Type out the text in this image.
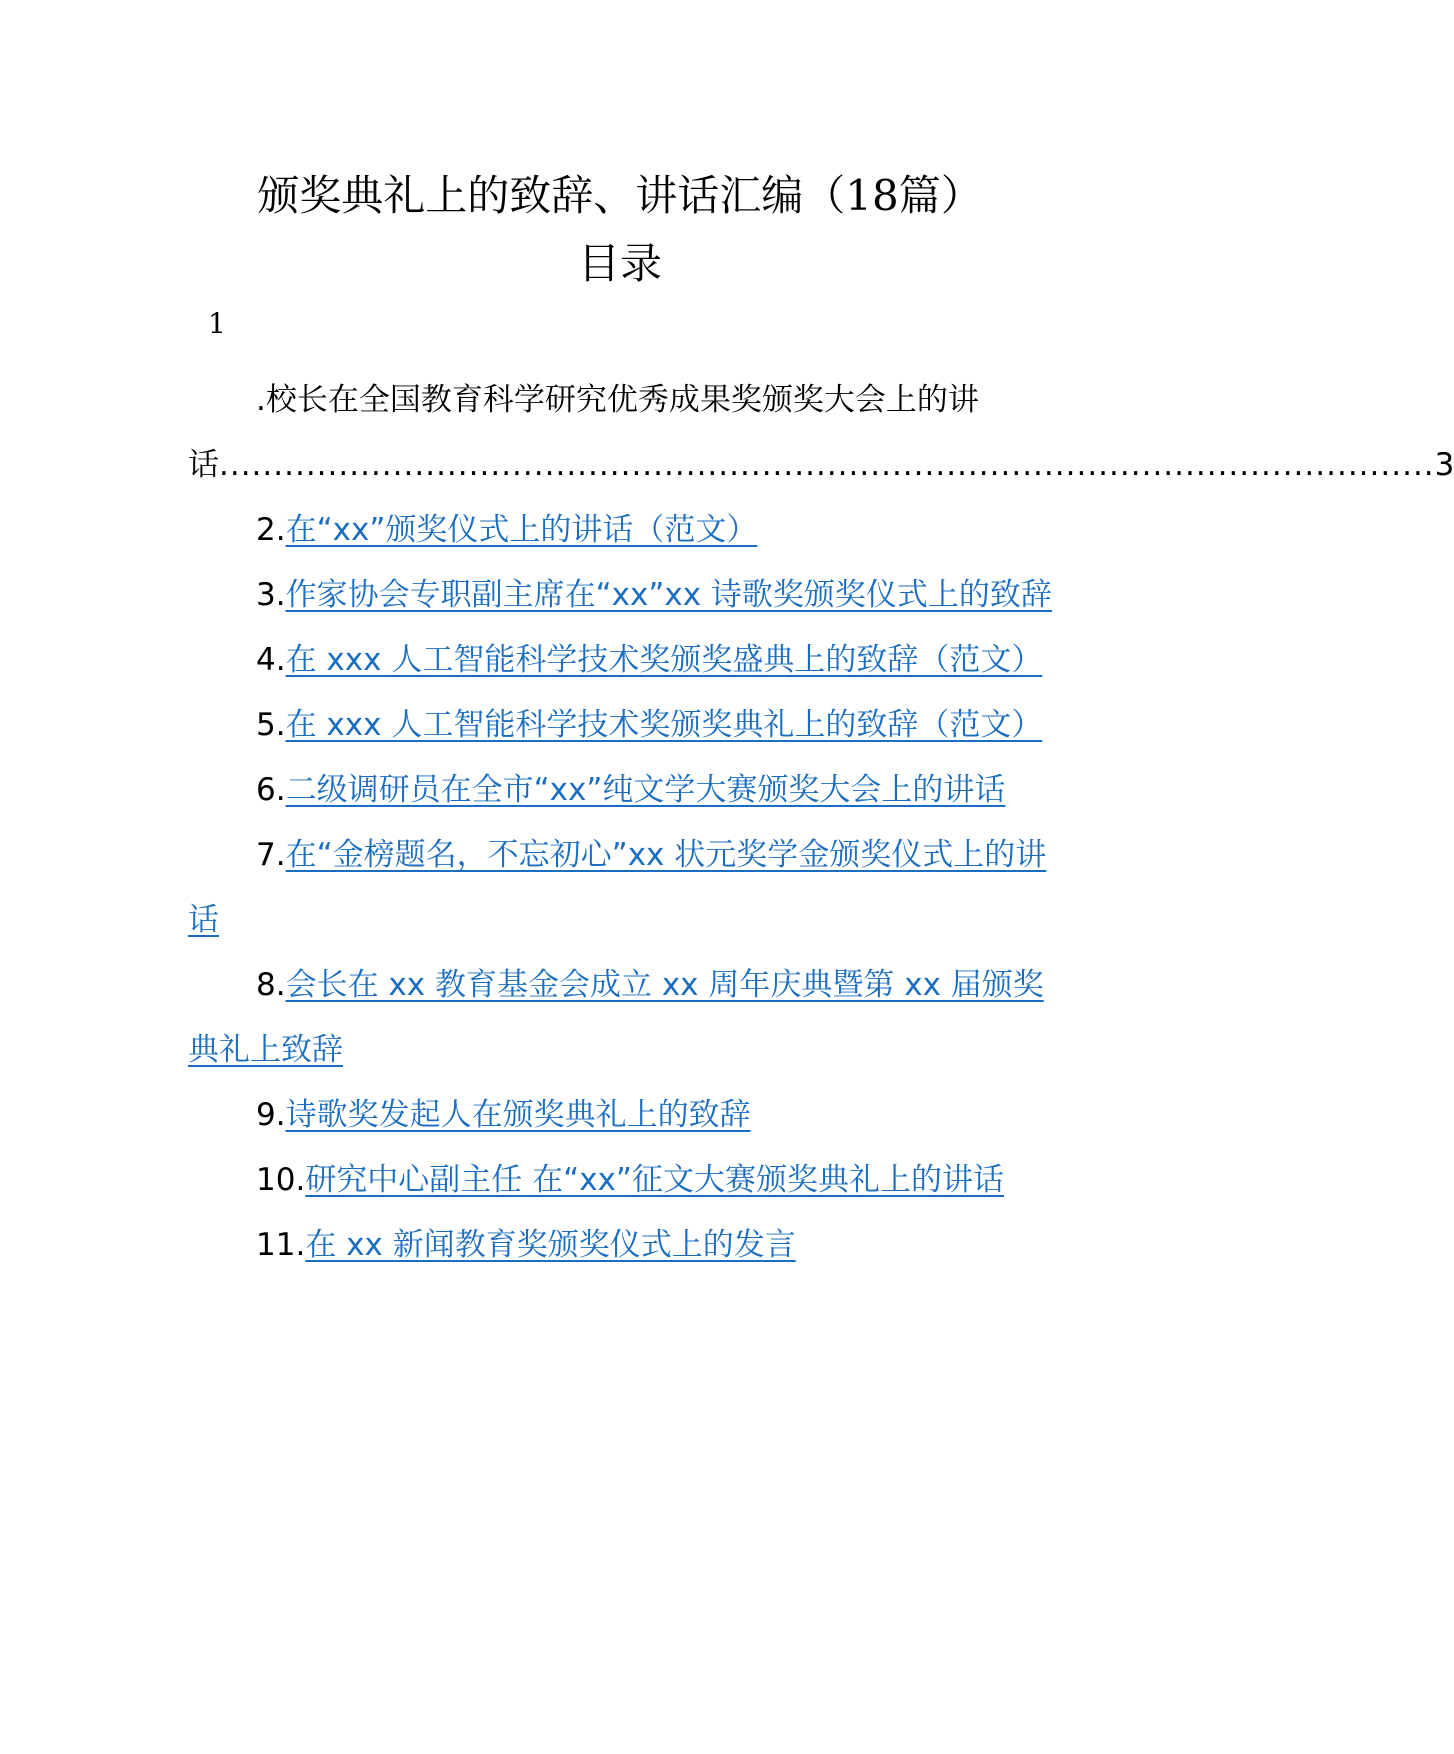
颁奖典礼上的致辞、讲话汇编（18篇）
目录
1
.校长在全国教育科学研究优秀成果奖颁奖大会上的讲
话 ................................................................................................................ 3
2.在“xx”颁奖仪式上的讲话（范文）
3.作家协会专职副主席在“xx”xx 诗歌奖颁奖仪式上的致辞
4.在 xxx 人工智能科学技术奖颁奖盛典上的致辞（范文）
5.在 xxx 人工智能科学技术奖颁奖典礼上的致辞（范文）
6.二级调研员在全市“xx”纯文学大赛颁奖大会上的讲话
7.在“金榜题名，不忘初心”xx 状元奖学金颁奖仪式上的讲话
8.会长在 xx 教育基金会成立 xx 周年庆典暨第 xx 届颁奖典礼上致辞
9.诗歌奖发起人在颁奖典礼上的致辞
10.研究中心副主任 在“xx”征文大赛颁奖典礼上的讲话
11.在 xx 新闻教育奖颁奖仪式上的发言
